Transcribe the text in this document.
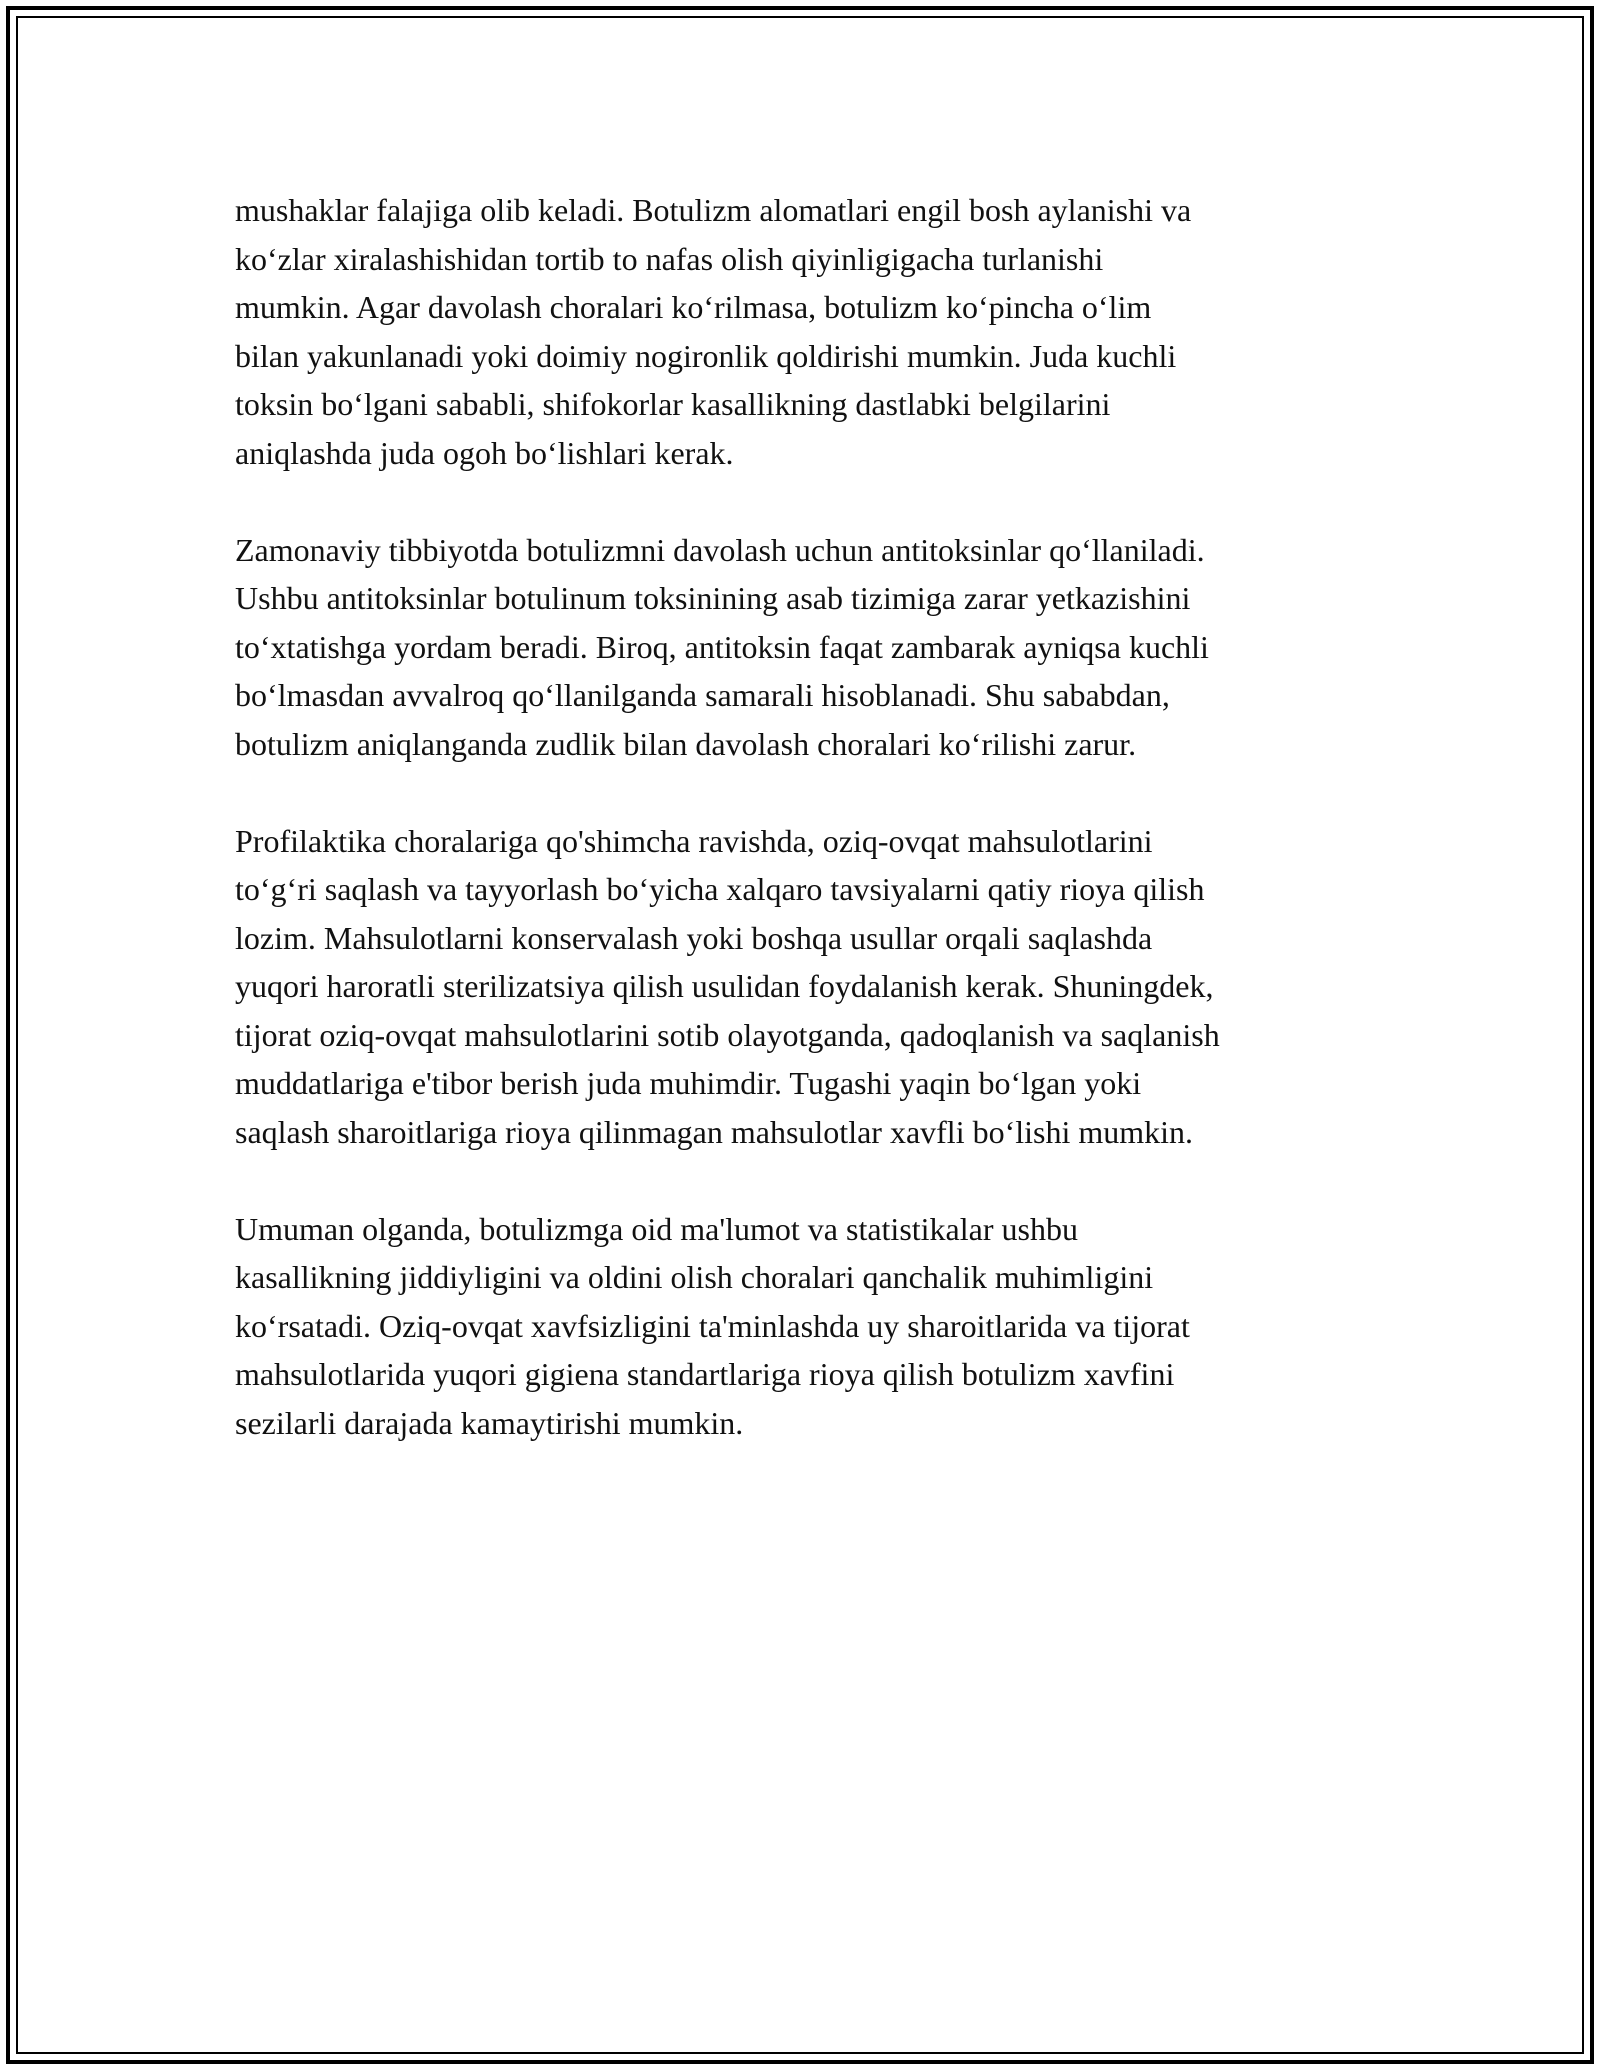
mushaklar falajiga olib keladi. Botulizm alomatlari engil bosh aylanishi va
ko‘zlar xiralashishidan tortib to nafas olish qiyinligigacha turlanishi
mumkin. Agar davolash choralari ko‘rilmasa, botulizm ko‘pincha o‘lim
bilan yakunlanadi yoki doimiy nogironlik qoldirishi mumkin. Juda kuchli
toksin bo‘lgani sababli, shifokorlar kasallikning dastlabki belgilarini
aniqlashda juda ogoh bo‘lishlari kerak.

Zamonaviy tibbiyotda botulizmni davolash uchun antitoksinlar qo‘llaniladi.
Ushbu antitoksinlar botulinum toksinining asab tizimiga zarar yetkazishini
to‘xtatishga yordam beradi. Biroq, antitoksin faqat zambarak ayniqsa kuchli
bo‘lmasdan avvalroq qo‘llanilganda samarali hisoblanadi. Shu sababdan,
botulizm aniqlanganda zudlik bilan davolash choralari ko‘rilishi zarur.

Profilaktika choralariga qo'shimcha ravishda, oziq-ovqat mahsulotlarini
to‘g‘ri saqlash va tayyorlash bo‘yicha xalqaro tavsiyalarni qatiy rioya qilish
lozim. Mahsulotlarni konservalash yoki boshqa usullar orqali saqlashda
yuqori haroratli sterilizatsiya qilish usulidan foydalanish kerak. Shuningdek,
tijorat oziq-ovqat mahsulotlarini sotib olayotganda, qadoqlanish va saqlanish
muddatlariga e'tibor berish juda muhimdir. Tugashi yaqin bo‘lgan yoki
saqlash sharoitlariga rioya qilinmagan mahsulotlar xavfli bo‘lishi mumkin.

Umuman olganda, botulizmga oid ma'lumot va statistikalar ushbu
kasallikning jiddiyligini va oldini olish choralari qanchalik muhimligini
ko‘rsatadi. Oziq-ovqat xavfsizligini ta'minlashda uy sharoitlarida va tijorat
mahsulotlarida yuqori gigiena standartlariga rioya qilish botulizm xavfini
sezilarli darajada kamaytirishi mumkin.
